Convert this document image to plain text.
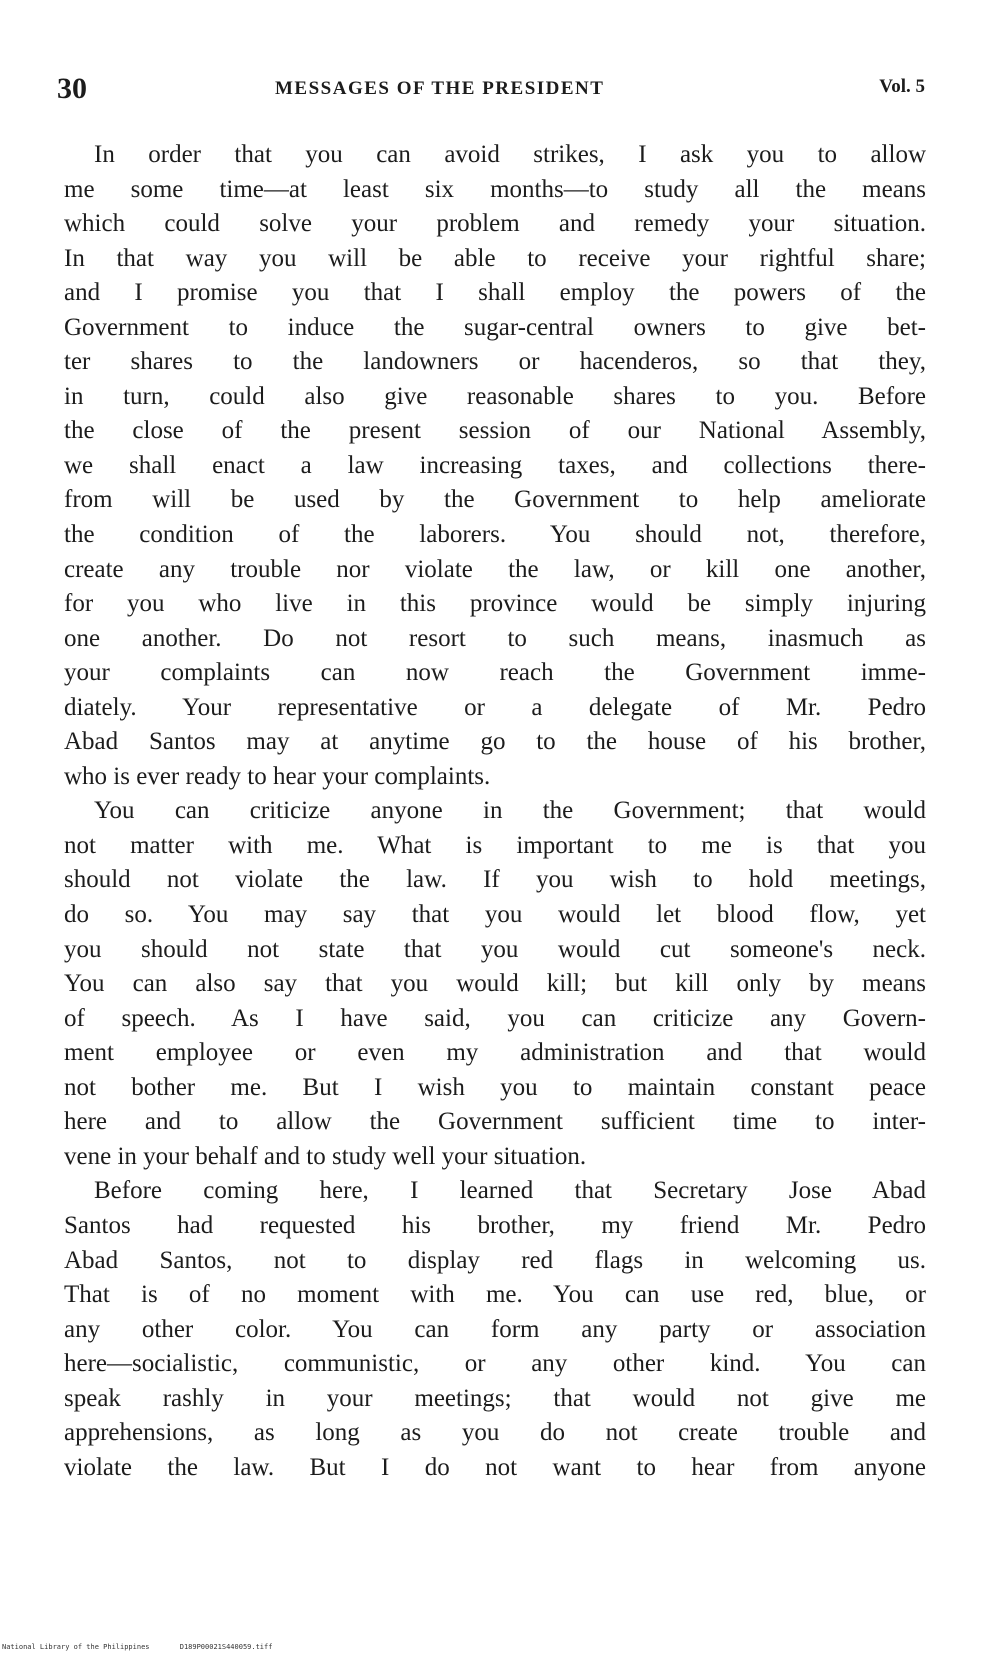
30	MESSAGES OF THE PRESIDENT	Vol. 5
In order that you can avoid strikes, I ask you to allow
me some time—at least six months—to study all the means
which could solve your problem and remedy your situation.
In that way you will be able to receive your rightful share;
and I promise you that I shall employ the powers of the
Government to induce the sugar-central owners to give bet-
ter shares to the landowners or hacenderos, so that they,
in turn, could also give reasonable shares to you. Before
the close of the present session of our National Assembly,
we shall enact a law increasing taxes, and collections there-
from will be used by the Government to help ameliorate
the condition of the laborers. You should not, therefore,
create any trouble nor violate the law, or kill one another,
for you who live in this province would be simply injuring
one another. Do not resort to such means, inasmuch as
your complaints can now reach the Government imme-
diately. Your representative or a delegate of Mr. Pedro
Abad Santos may at anytime go to the house of his brother,
who is ever ready to hear your complaints.
You can criticize anyone in the Government; that would
not matter with me. What is important to me is that you
should not violate the law. If you wish to hold meetings,
do so. You may say that you would let blood flow, yet
you should not state that you would cut someone's neck.
You can also say that you would kill; but kill only by means
of speech. As I have said, you can criticize any Govern-
ment employee or even my administration and that would
not bother me. But I wish you to maintain constant peace
here and to allow the Government sufficient time to inter-
vene in your behalf and to study well your situation.
Before coming here, I learned that Secretary Jose Abad
Santos had requested his brother, my friend Mr. Pedro
Abad Santos, not to display red flags in welcoming us.
That is of no moment with me. You can use red, blue, or
any other color. You can form any party or association
here—socialistic, communistic, or any other kind. You can
speak rashly in your meetings; that would not give me
apprehensions, as long as you do not create trouble and
violate the law. But I do not want to hear from anyone
National Library of the Philippines	D189P00021S440059.tiff
